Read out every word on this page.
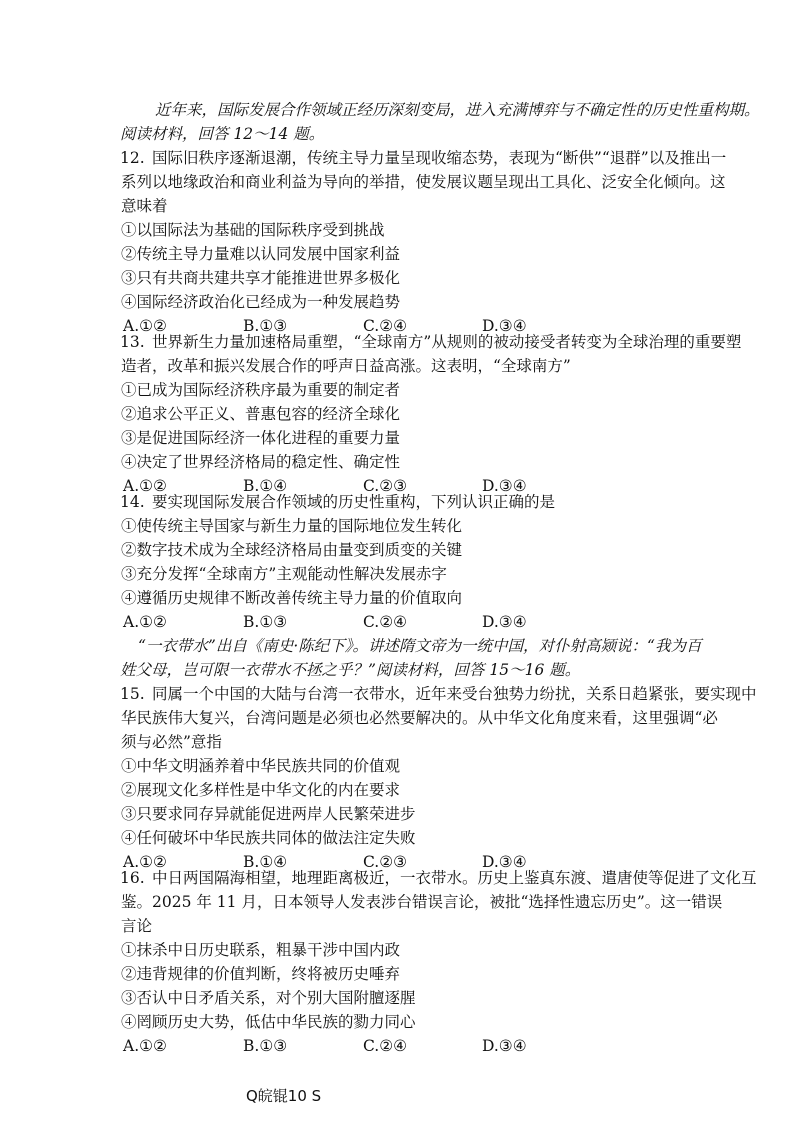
近年来，国际发展合作领域正经历深刻变局，进入充满博弈与不确定性的历史性重构期。
阅读材料，回答 12～14 题。
12. 国际旧秩序逐渐退潮，传统主导力量呈现收缩态势，表现为“断供”“退群”以及推出一
系列以地缘政治和商业利益为导向的举措，使发展议题呈现出工具化、泛安全化倾向。这
意味着
①以国际法为基础的国际秩序受到挑战
②传统主导力量难以认同发展中国家利益
③只有共商共建共享才能推进世界多极化
④国际经济政治化已经成为一种发展趋势
A.①②	B.①③	C.②④	D.③④
13. 世界新生力量加速格局重塑，“全球南方”从规则的被动接受者转变为全球治理的重要塑
造者，改革和振兴发展合作的呼声日益高涨。这表明，“全球南方”
①已成为国际经济秩序最为重要的制定者
②追求公平正义、普惠包容的经济全球化
③是促进国际经济一体化进程的重要力量
④决定了世界经济格局的稳定性、确定性
A.①②	B.①④	C.②③	D.③④
14. 要实现国际发展合作领域的历史性重构，下列认识正确的是
①使传统主导国家与新生力量的国际地位发生转化
②数字技术成为全球经济格局由量变到质变的关键
③充分发挥“全球南方”主观能动性解决发展赤字
④遵循历史规律不断改善传统主导力量的价值取向
A.①②	B.①③	C.②④	D.③④
“一衣带水”出自《南史·陈纪下》。讲述隋文帝为一统中国，对仆射高颎说：“我为百
姓父母，岂可限一衣带水不拯之乎？”阅读材料，回答 15～16 题。
15. 同属一个中国的大陆与台湾一衣带水，近年来受台独势力纷扰，关系日趋紧张，要实现中
华民族伟大复兴，台湾问题是必须也必然要解决的。从中华文化角度来看，这里强调“必
须与必然”意指
①中华文明涵养着中华民族共同的价值观
②展现文化多样性是中华文化的内在要求
③只要求同存异就能促进两岸人民繁荣进步
④任何破坏中华民族共同体的做法注定失败
A.①②	B.①④	C.②③	D.③④
16. 中日两国隔海相望，地理距离极近，一衣带水。历史上鉴真东渡、遣唐使等促进了文化互
鉴。2025 年 11 月，日本领导人发表涉台错误言论，被批“选择性遗忘历史”。这一错误
言论
①抹杀中日历史联系，粗暴干涉中国内政
②违背规律的价值判断，终将被历史唾弃
③否认中日矛盾关系，对个别大国附膻逐腥
④罔顾历史大势，低估中华民族的勠力同心
A.①②	B.①③	C.②④	D.③④
Q皖锟10 S
